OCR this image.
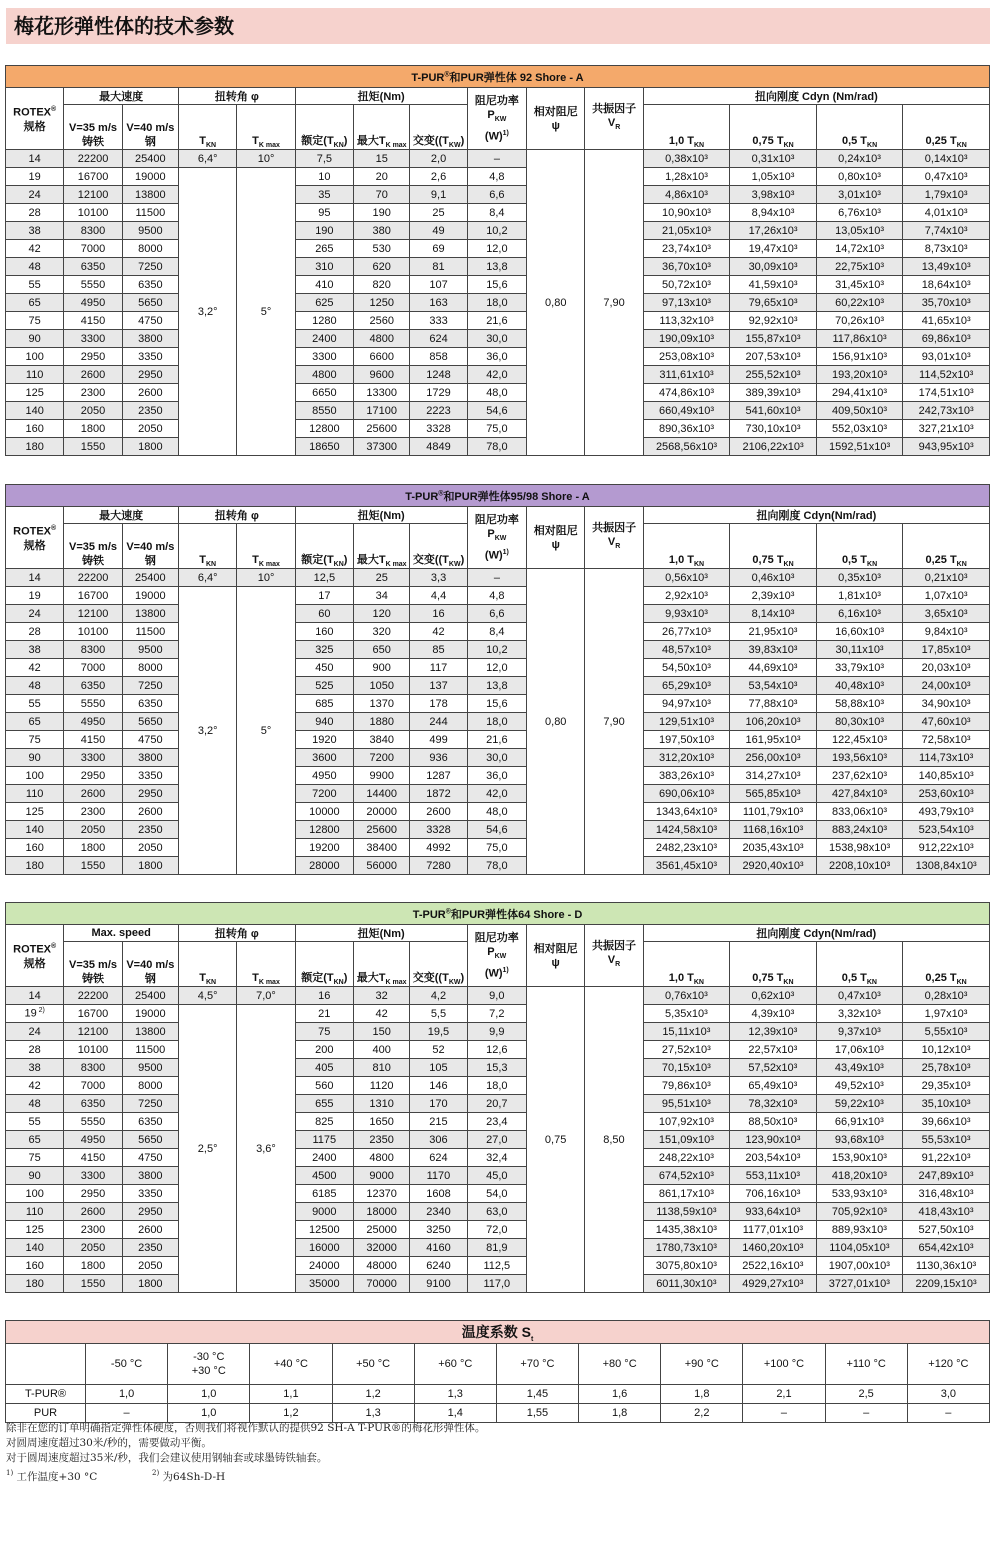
梅花形弹性体的技术参数
T-PUR®和PUR弹性体 92 Shore - A														
ROTEX®
规格	最大速度		扭转角 φ		扭矩(Nm)			阻尼功率
$P_{KW}$
$(W)^{1)}$	相对阻尼
ψ	共振因子
$V_R$	扭向刚度 Cdyn (Nm/rad)			
	V=35 m/s
铸铁	V=40 m/s
钢	$T_{KN}$	$T_{K max}$	额定$(T_{KN})$	最大$T_{K max}$	交变($(T_{KW})$				1,0 $T_{KN}$	0,75 $T_{KN}$	0,5 $T_{KN}$	0,25 $T_{KN}$
14	22200	25400	6,4°	10°	7,5	15	2,0	–	0,80	7,90	0,38x10³	0,31x10³	0,24x10³	0,14x10³
19	16700	19000	3,2°	5°	10	20	2,6	4,8			1,28x10³	1,05x10³	0,80x10³	0,47x10³
24	12100	13800			35	70	9,1	6,6			4,86x10³	3,98x10³	3,01x10³	1,79x10³
28	10100	11500			95	190	25	8,4			10,90x10³	8,94x10³	6,76x10³	4,01x10³
38	8300	9500			190	380	49	10,2			21,05x10³	17,26x10³	13,05x10³	7,74x10³
42	7000	8000			265	530	69	12,0			23,74x10³	19,47x10³	14,72x10³	8,73x10³
48	6350	7250			310	620	81	13,8			36,70x10³	30,09x10³	22,75x10³	13,49x10³
55	5550	6350			410	820	107	15,6			50,72x10³	41,59x10³	31,45x10³	18,64x10³
65	4950	5650			625	1250	163	18,0			97,13x10³	79,65x10³	60,22x10³	35,70x10³
75	4150	4750			1280	2560	333	21,6			113,32x10³	92,92x10³	70,26x10³	41,65x10³
90	3300	3800			2400	4800	624	30,0			190,09x10³	155,87x10³	117,86x10³	69,86x10³
100	2950	3350			3300	6600	858	36,0			253,08x10³	207,53x10³	156,91x10³	93,01x10³
110	2600	2950			4800	9600	1248	42,0			311,61x10³	255,52x10³	193,20x10³	114,52x10³
125	2300	2600			6650	13300	1729	48,0			474,86x10³	389,39x10³	294,41x10³	174,51x10³
140	2050	2350			8550	17100	2223	54,6			660,49x10³	541,60x10³	409,50x10³	242,73x10³
160	1800	2050			12800	25600	3328	75,0			890,36x10³	730,10x10³	552,03x10³	327,21x10³
180	1550	1800			18650	37300	4849	78,0			2568,56x10³	2106,22x10³	1592,51x10³	943,95x10³
T-PUR®和PUR弹性体95/98 Shore - A														
ROTEX®
规格	最大速度		扭转角 φ		扭矩(Nm)			阻尼功率
$P_{KW}$
$(W)^{1)}$	相对阻尼
ψ	共振因子
$V_R$	扭向刚度 Cdyn(Nm/rad)			
	V=35 m/s
铸铁	V=40 m/s
钢	$T_{KN}$	$T_{K max}$	额定$(T_{KN})$	最大$T_{K max}$	交变($(T_{KW})$				1,0 $T_{KN}$	0,75 $T_{KN}$	0,5 $T_{KN}$	0,25 $T_{KN}$
14	22200	25400	6,4°	10°	12,5	25	3,3	–	0,80	7,90	0,56x10³	0,46x10³	0,35x10³	0,21x10³
19	16700	19000	3,2°	5°	17	34	4,4	4,8			2,92x10³	2,39x10³	1,81x10³	1,07x10³
24	12100	13800			60	120	16	6,6			9,93x10³	8,14x10³	6,16x10³	3,65x10³
28	10100	11500			160	320	42	8,4			26,77x10³	21,95x10³	16,60x10³	9,84x10³
38	8300	9500			325	650	85	10,2			48,57x10³	39,83x10³	30,11x10³	17,85x10³
42	7000	8000			450	900	117	12,0			54,50x10³	44,69x10³	33,79x10³	20,03x10³
48	6350	7250			525	1050	137	13,8			65,29x10³	53,54x10³	40,48x10³	24,00x10³
55	5550	6350			685	1370	178	15,6			94,97x10³	77,88x10³	58,88x10³	34,90x10³
65	4950	5650			940	1880	244	18,0			129,51x10³	106,20x10³	80,30x10³	47,60x10³
75	4150	4750			1920	3840	499	21,6			197,50x10³	161,95x10³	122,45x10³	72,58x10³
90	3300	3800			3600	7200	936	30,0			312,20x10³	256,00x10³	193,56x10³	114,73x10³
100	2950	3350			4950	9900	1287	36,0			383,26x10³	314,27x10³	237,62x10³	140,85x10³
110	2600	2950			7200	14400	1872	42,0			690,06x10³	565,85x10³	427,84x10³	253,60x10³
125	2300	2600			10000	20000	2600	48,0			1343,64x10³	1101,79x10³	833,06x10³	493,79x10³
140	2050	2350			12800	25600	3328	54,6			1424,58x10³	1168,16x10³	883,24x10³	523,54x10³
160	1800	2050			19200	38400	4992	75,0			2482,23x10³	2035,43x10³	1538,98x10³	912,22x10³
180	1550	1800			28000	56000	7280	78,0			3561,45x10³	2920,40x10³	2208,10x10³	1308,84x10³
T-PUR®和PUR弹性体64 Shore - D														
ROTEX®
规格	Max. speed		扭转角 φ		扭矩(Nm)			阻尼功率
$P_{KW}$
$(W)^{1)}$	相对阻尼
ψ	共振因子
$V_R$	扭向刚度 Cdyn(Nm/rad)			
	V=35 m/s
铸铁	V=40 m/s
钢	$T_{KN}$	$T_{K max}$	额定$(T_{KN})$	最大$T_{K max}$	交变($(T_{KW})$				1,0 $T_{KN}$	0,75 $T_{KN}$	0,5 $T_{KN}$	0,25 $T_{KN}$
14	22200	25400	4,5°	7,0°	16	32	4,2	9,0	0,75	8,50	0,76x10³	0,62x10³	0,47x10³	0,28x10³
19 $^{2)}$	16700	19000	2,5°	3,6°	21	42	5,5	7,2			5,35x10³	4,39x10³	3,32x10³	1,97x10³
24	12100	13800			75	150	19,5	9,9			15,11x10³	12,39x10³	9,37x10³	5,55x10³
28	10100	11500			200	400	52	12,6			27,52x10³	22,57x10³	17,06x10³	10,12x10³
38	8300	9500			405	810	105	15,3			70,15x10³	57,52x10³	43,49x10³	25,78x10³
42	7000	8000			560	1120	146	18,0			79,86x10³	65,49x10³	49,52x10³	29,35x10³
48	6350	7250			655	1310	170	20,7			95,51x10³	78,32x10³	59,22x10³	35,10x10³
55	5550	6350			825	1650	215	23,4			107,92x10³	88,50x10³	66,91x10³	39,66x10³
65	4950	5650			1175	2350	306	27,0			151,09x10³	123,90x10³	93,68x10³	55,53x10³
75	4150	4750			2400	4800	624	32,4			248,22x10³	203,54x10³	153,90x10³	91,22x10³
90	3300	3800			4500	9000	1170	45,0			674,52x10³	553,11x10³	418,20x10³	247,89x10³
100	2950	3350			6185	12370	1608	54,0			861,17x10³	706,16x10³	533,93x10³	316,48x10³
110	2600	2950			9000	18000	2340	63,0			1138,59x10³	933,64x10³	705,92x10³	418,43x10³
125	2300	2600			12500	25000	3250	72,0			1435,38x10³	1177,01x10³	889,93x10³	527,50x10³
140	2050	2350			16000	32000	4160	81,9			1780,73x10³	1460,20x10³	1104,05x10³	654,42x10³
160	1800	2050			24000	48000	6240	112,5			3075,80x10³	2522,16x10³	1907,00x10³	1130,36x10³
180	1550	1800			35000	70000	9100	117,0			6011,30x10³	4929,27x10³	3727,01x10³	2209,15x10³
温度系数 $S_t$
	-50 °C	-30 °C
+30 °C	+40 °C	+50 °C	+60 °C	+70 °C	+80 °C	+90 °C	+100 °C	+110 °C	+120 °C
T-PUR®	1,0	1,0	1,1	1,2	1,3	1,45	1,6	1,8	2,1	2,5	3,0
PUR	–	1,0	1,2	1,3	1,4	1,55	1,8	2,2	–	–	–
除非在您的订单明确指定弹性体硬度，否则我们将视作默认的提供92 SH-A T-PUR®的梅花形弹性体。
对圆周速度超过30米/秒的，需要做动平衡。
对于圆周速度超过35米/秒，我们会建议使用钢轴套或球墨铸铁轴套。
$^{1)}$ 工作温度+30 °C	$^{2)}$ 为64Sh-D-H
